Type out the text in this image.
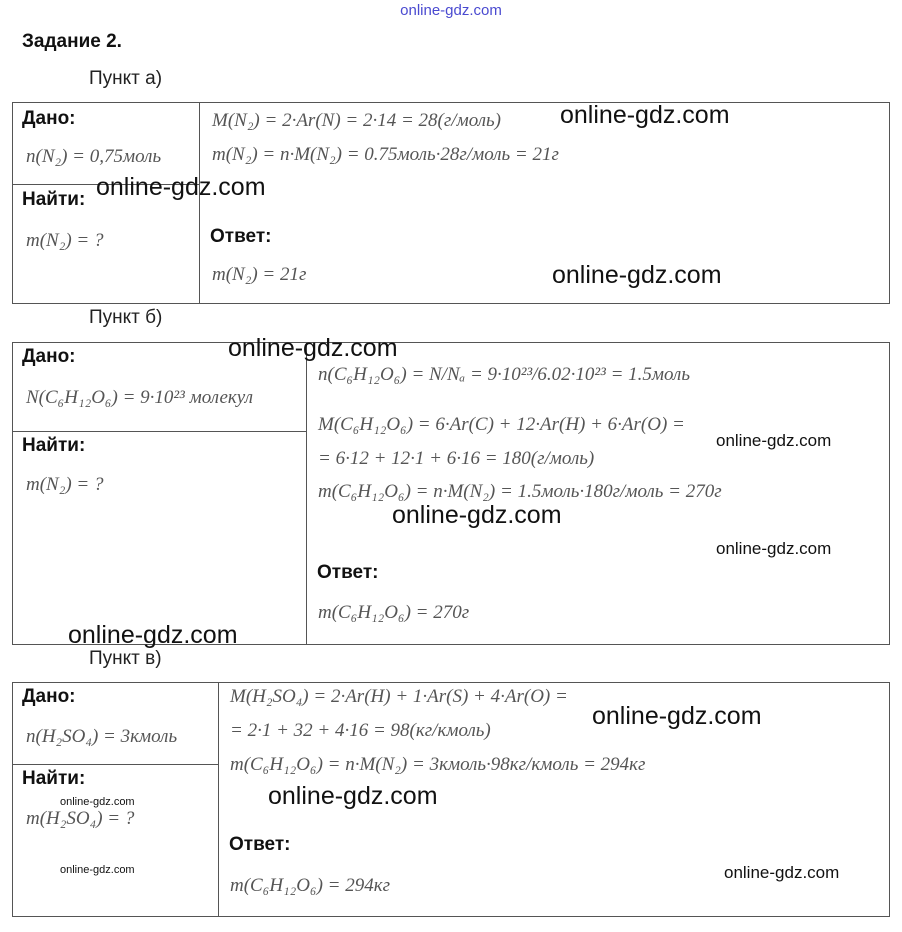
online-gdz.com
Задание 2.
Пункт а)
Дано:
n(N₂) = 0,75моль
Найти:
m(N₂) = ?
M(N₂) = 2·Ar(N) = 2·14 = 28(г/моль)
m(N₂) = n·M(N₂) = 0.75моль·28г/моль = 21г
Ответ:
m(N₂) = 21г
online-gdz.com
online-gdz.com
online-gdz.com
Пункт б)
Дано:
N(C₆H₁₂O₆) = 9·10²³ молекул
Найти:
m(N₂) = ?
n(C₆H₁₂O₆) = N/Nₐ = 9·10²³/6.02·10²³ = 1.5моль
M(C₆H₁₂O₆) = 6·Ar(C) + 12·Ar(H) + 6·Ar(O) =
= 6·12 + 12·1 + 6·16 = 180(г/моль)
m(C₆H₁₂O₆) = n·M(N₂) = 1.5моль·180г/моль = 270г
Ответ:
m(C₆H₁₂O₆) = 270г
online-gdz.com
online-gdz.com
online-gdz.com
online-gdz.com
online-gdz.com
Пункт в)
Дано:
n(H₂SO₄) = 3кмоль
Найти:
m(H₂SO₄) = ?
M(H₂SO₄) = 2·Ar(H) + 1·Ar(S) + 4·Ar(O) =
= 2·1 + 32 + 4·16 = 98(кг/кмоль)
m(C₆H₁₂O₆) = n·M(N₂) = 3кмоль·98кг/кмоль = 294кг
Ответ:
m(C₆H₁₂O₆) = 294кг
online-gdz.com
online-gdz.com
online-gdz.com
online-gdz.com	online-gdz.com
